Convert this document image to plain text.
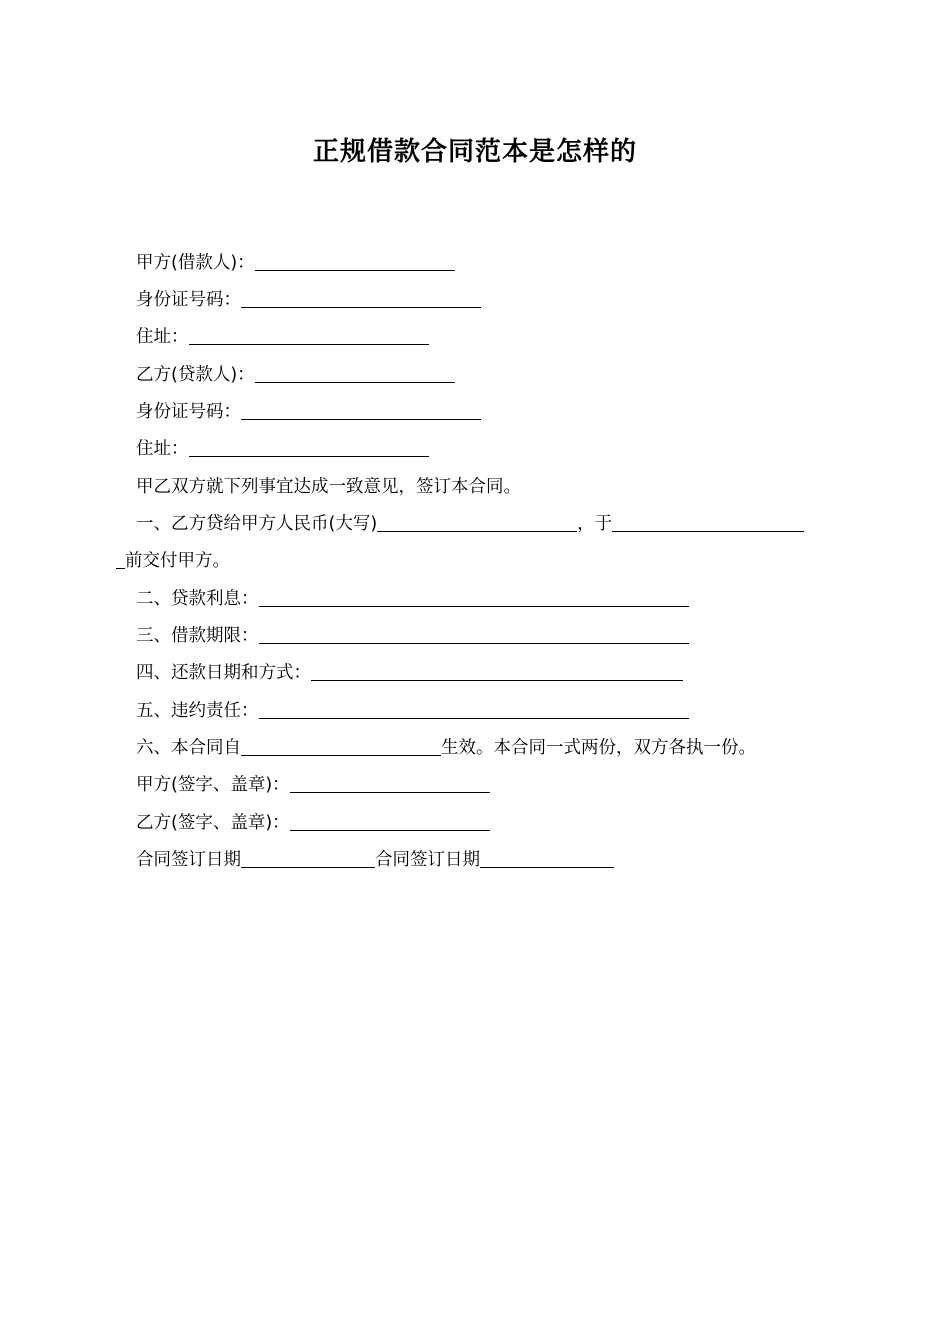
正规借款合同范本是怎样的
甲方(借款人)：
身份证号码：
住址：
乙方(贷款人)：
身份证号码：
住址：
甲乙双方就下列事宜达成一致意见，签订本合同。
一、乙方贷给甲方人民币(大写)	，于
前交付甲方。
二、贷款利息：
三、借款期限：
四、还款日期和方式：
五、违约责任：
六、本合同自	生效。本合同一式两份，双方各执一份。
甲方(签字、盖章)：
乙方(签字、盖章)：
合同签订日期	合同签订日期
